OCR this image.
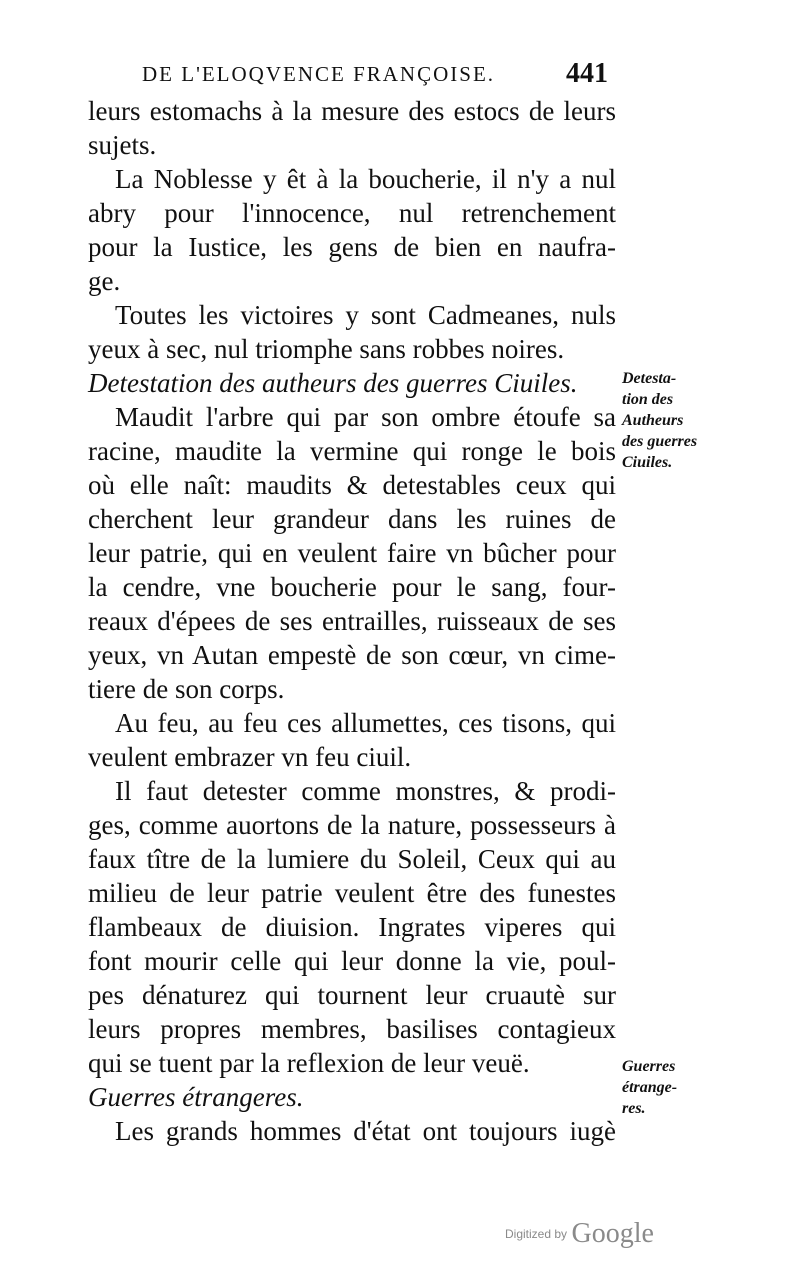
DE L'ELOQVENCE FRANÇOISE.	441
leurs estomachs à la mesure des estocs de leurs
sujets.
La Noblesse y êt à la boucherie, il n'y a nul
abry pour l'innocence, nul retrenchement
pour la Iustice, les gens de bien en naufra-
ge.
Toutes les victoires y sont Cadmeanes, nuls
yeux à sec, nul triomphe sans robbes noires.
Detestation des autheurs des guerres Ciuiles.
Maudit l'arbre qui par son ombre étoufe sa
racine, maudite la vermine qui ronge le bois
où elle naît: maudits & detestables ceux qui
cherchent leur grandeur dans les ruines de
leur patrie, qui en veulent faire vn bûcher pour
la cendre, vne boucherie pour le sang, four-
reaux d'épees de ses entrailles, ruisseaux de ses
yeux, vn Autan empestè de son cœur, vn cime-
tiere de son corps.
Au feu, au feu ces allumettes, ces tisons, qui
veulent embrazer vn feu ciuil.
Il faut detester comme monstres, & prodi-
ges, comme auortons de la nature, possesseurs à
faux tître de la lumiere du Soleil, Ceux qui au
milieu de leur patrie veulent être des funestes
flambeaux de diuision. Ingrates viperes qui
font mourir celle qui leur donne la vie, poul-
pes dénaturez qui tournent leur cruautè sur
leurs propres membres, basilises contagieux
qui se tuent par la reflexion de leur veuë.
Guerres étrangeres.
Les grands hommes d'état ont toujours iugè
Detesta-
tion des
Autheurs
des guerres
Ciuiles.
Guerres
étrange-
res.
Digitized by Google
